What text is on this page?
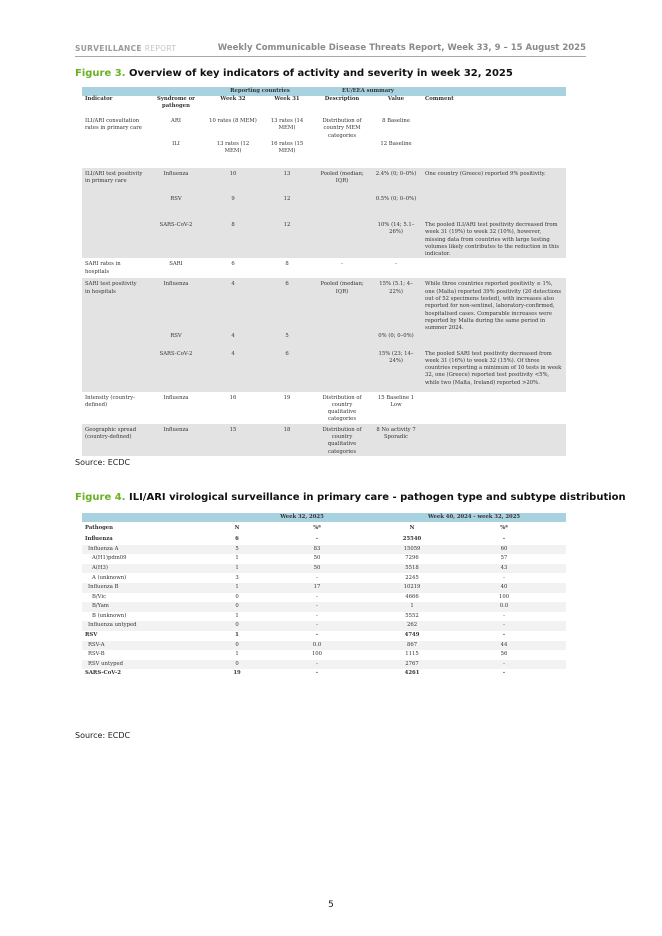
SURVEILLANCE REPORT	Weekly Communicable Disease Threats Report, Week 33, 9 – 15 August 2025
Figure 3. Overview of key indicators of activity and severity in week 32, 2025
		Reporting countries		EU/EEA summary		
Indicator	Syndrome or pathogen	Week 32	Week 31	Description	Value	Comment
ILI/ARI consultation rates in primary care	ARI	10 rates (8 MEM)	13 rates (14 MEM)	Distribution of country MEM categories	8 Baseline	
	ILI	13 rates (12 MEM)	16 rates (15 MEM)		12 Baseline	
ILI/ARI test positivity in primary care	Influenza	10	13	Pooled (median; IQR)	2.4% (0; 0–0%)	One country (Greece) reported 9% positivity.
	RSV	9	12		0.5% (0; 0–0%)	
	SARS-CoV-2	8	12		10% (14; 5.1–26%)	The pooled ILI/ARI test positivity decreased from week 31 (19%) to week 32 (10%), however, missing data from countries with large testing volumes likely contributes to the reduction in this indicator.
SARI rates in hospitals	SARI	6	8	-	-	
SARI test positivity in hospitals	Influenza	4	6	Pooled (median; IQR)	15% (5.1; 4–22%)	While three countries reported positivity ≤ 1%, one (Malta) reported 39% positivity (20 detections out of 52 specimens tested), with increases also reported for non-sentinel, laboratory-confirmed, hospitalised cases. Comparable increases were reported by Malta during the same period in summer 2024.
	RSV	4	5		0% (0; 0–0%)	
	SARS-CoV-2	4	6		15% (23; 14–24%)	The pooled SARI test positivity decreased from week 31 (16%) to week 32 (15%). Of three countries reporting a minimum of 10 tests in week 32, one (Greece) reported test positivity <5%, while two (Malta, Ireland) reported >20%.
Intensity (country-defined)	Influenza	16	19	Distribution of country qualitative categories	15 Baseline 1 Low	
Geographic spread (country-defined)	Influenza	15	18	Distribution of country qualitative categories	8 No activity 7 Sporadic	
Source: ECDC
Figure 4. ILI/ARI virological surveillance in primary care - pathogen type and subtype distribution
	Week 32, 2025		Week 40, 2024 - week 32, 2025	
Pathogen	N	%ª	N	%ª
Influenza	6	-	25540	-
Influenza A	5	83	15059	60
A(H1)pdm09	1	50	7296	57
A(H3)	1	50	5518	43
A (unknown)	3	-	2245	-
Influenza B	1	17	10219	40
B/Vic	0	-	4666	100
B/Yam	0	-	1	0.0
B (unknown)	1	-	5552	-
Influenza untyped	0	-	262	-
RSV	1	-	4749	-
RSV-A	0	0.0	867	44
RSV-B	1	100	1115	56
RSV untyped	0	-	2767	-
SARS-CoV-2	19	-	4261	-
Source: ECDC
5
